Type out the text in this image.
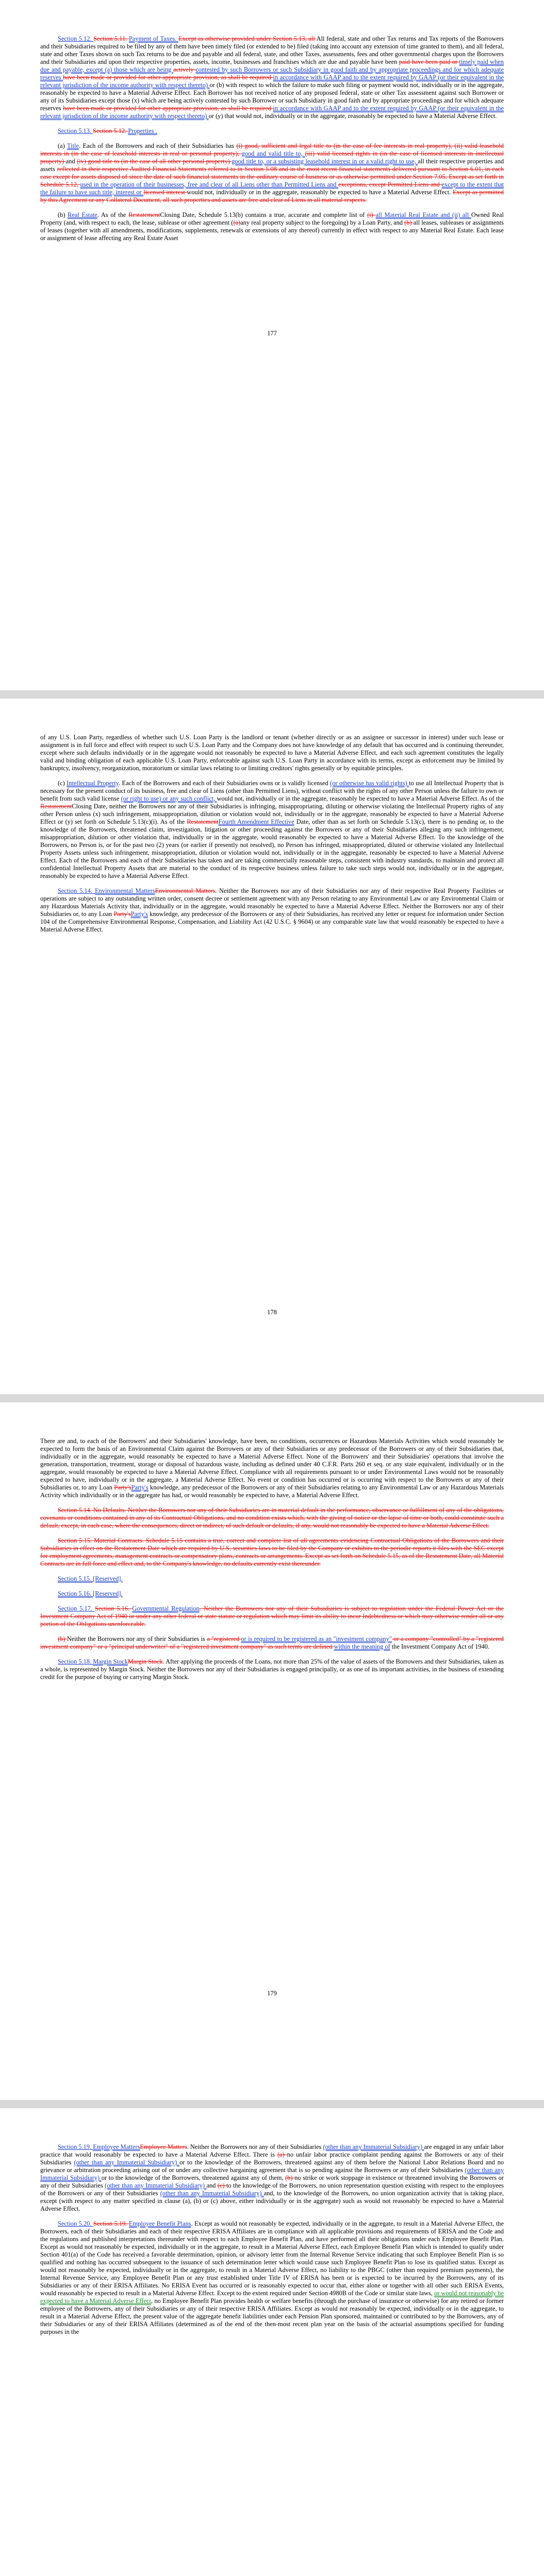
Section 5.12. Section 5.11. Payment of Taxes. Except as otherwise provided under Section 5.13, all All federal, state and other Tax returns and Tax reports of the Borrowers and their Subsidiaries required to be filed by any of them have been timely filed (or extended to be) filed (taking into account any extension of time granted to them), and all federal, state and other Taxes shown on such Tax returns to be due and payable and all federal, state, and other Taxes, assessments, fees and other governmental charges upon the Borrowers and their Subsidiaries and upon their respective properties, assets, income, businesses and franchises which are due and payable have been paid have been paid or timely paid when due and payable, except (a) those which are being actively contested by such Borrowers or such Subsidiary in good faith and by appropriate proceedings and for which adequate reserves have been made or provided for other appropriate provision, as shall be required in accordance with GAAP and to the extent required by GAAP (or their equivalent in the relevant jurisdiction of the income authority with respect thereto) or (b) with respect to which the failure to make such filing or payment would not, individually or in the aggregate, reasonably be expected to have a Material Adverse Effect. Each Borrower has not received notice of any proposed federal, state or other Tax assessment against such Borrower or any of its Subsidiaries except those (x) which are being actively contested by such Borrower or such Subsidiary in good faith and by appropriate proceedings and for which adequate reserves have been made or provided for other appropriate provision, as shall be required in accordance with GAAP and to the extent required by GAAP (or their equivalent in the relevant jurisdiction of the income authority with respect thereto) or (y) that would not, individually or in the aggregate, reasonably be expected to have a Material Adverse Effect.

Section 5.13. Section 5.12. Properties .

(a) Title. Each of the Borrowers and each of their Subsidiaries has (i) good, sufficient and legal title to (in the case of fee interests in real property), (ii) valid leasehold interests in (in the case of leasehold interests in real or personal property), good and valid title to, (iii) valid licensed rights in (in the case of licensed interests in intellectual property) and (iv) good title to (in the case of all other personal property) good title to, or a subsisting leasehold interest in or a valid right to use, all their respective properties and assets reflected in their respective Audited Financial Statements referred to in Section 5.08 and in the most recent financial statements delivered pursuant to Section 6.01, in each case except for assets disposed of since the date of such financial statements in the ordinary course of business or as otherwise permitted under Section 7.05. Except as set forth in Schedule 5.12, used in the operation of their businesses, free and clear of all Liens other than Permitted Liens and exceptions, except Permitted Liens and except to the extent that the failure to have such title, interest or licensed interest would not, individually or in the aggregate, reasonably be expected to have a Material Adverse Effect. Except as permitted by this Agreement or any Collateral Document, all such properties and assets are free and clear of Liens in all material respects.

(b) Real Estate. As of the RestatementClosing Date, Schedule 5.13(b) contains a true, accurate and complete list of (i) all Material Real Estate and (ii) all Owned Real Property (and, with respect to each, the lease, sublease or other agreement ((a)any real property subject to the foregoing) by a Loan Party, and (b) all leases, subleases or assignments of leases (together with all amendments, modifications, supplements, renewals or extensions of any thereof) currently in effect with respect to any Material Real Estate. Each lease or assignment of lease affecting any Real Estate Asset

177

of any U.S. Loan Party, regardless of whether such U.S. Loan Party is the landlord or tenant (whether directly or as an assignee or successor in interest) under such lease or assignment is in full force and effect with respect to such U.S. Loan Party and the Company does not have knowledge of any default that has occurred and is continuing thereunder, except where such defaults individually or in the aggregate would not reasonably be expected to have a Material Adverse Effect, and each such agreement constitutes the legally valid and binding obligation of each applicable U.S. Loan Party, enforceable against such U.S. Loan Party in accordance with its terms, except as enforcement may be limited by bankruptcy, insolvency, reorganization, moratorium or similar laws relating to or limiting creditors' rights generally or by equitable principles.

(c) Intellectual Property. Each of the Borrowers and each of their Subsidiaries owns or is validly licensed (or otherwise has valid rights) to use all Intellectual Property that is necessary for the present conduct of its business, free and clear of Liens (other than Permitted Liens), without conflict with the rights of any other Person unless the failure to own or benefit from such valid license (or right to use) or any such conflict, would not, individually or in the aggregate, reasonably be expected to have a Material Adverse Effect. As of the RestatementClosing Date, neither the Borrowers nor any of their Subsidiaries is infringing, misappropriating, diluting or otherwise violating the Intellectual Property rights of any other Person unless (x) such infringement, misappropriation, dilution or violation would not, individually or in the aggregate, reasonably be expected to have a Material Adverse Effect or (y) set forth on Schedule 5.13(c)(i). As of the RestatementFourth Amendment Effective Date, other than as set forth on Schedule 5.13(c), there is no pending or, to the knowledge of the Borrowers, threatened claim, investigation, litigation or other proceeding against the Borrowers or any of their Subsidiaries alleging any such infringement, misappropriation, dilution or other violation that, individually or in the aggregate, would reasonably be expected to have a Material Adverse Effect. To the knowledge of the Borrowers, no Person is, or for the past two (2) years (or earlier if presently not resolved), no Person has infringed, misappropriated, diluted or otherwise violated any Intellectual Property Assets unless such infringement, misappropriation, dilution or violation would not, individually or in the aggregate, reasonably be expected to have a Material Adverse Effect. Each of the Borrowers and each of their Subsidiaries has taken and are taking commercially reasonable steps, consistent with industry standards, to maintain and protect all confidential Intellectual Property Assets that are material to the conduct of its respective business unless failure to take such steps would not, individually or in the aggregate, reasonably be expected to have a Material Adverse Effect.

Section 5.14. Environmental MattersEnvironmental Matters. Neither the Borrowers nor any of their Subsidiaries nor any of their respective Real Property Facilities or operations are subject to any outstanding written order, consent decree or settlement agreement with any Person relating to any Environmental Law or any Environmental Claim or any Hazardous Materials Activity that, individually or in the aggregate, would reasonably be expected to have a Material Adverse Effect. Neither the Borrowers nor any of their Subsidiaries or, to any Loan Party'sParty's knowledge, any predecessor of the Borrowers or any of their Subsidiaries, has received any letter or request for information under Section 104 of the Comprehensive Environmental Response, Compensation, and Liability Act (42 U.S.C. § 9604) or any comparable state law that would reasonably be expected to have a Material Adverse Effect.

178

There are and, to each of the Borrowers' and their Subsidiaries' knowledge, have been, no conditions, occurrences or Hazardous Materials Activities which would reasonably be expected to form the basis of an Environmental Claim against the Borrowers or any of their Subsidiaries or any predecessor of the Borrowers or any of their Subsidiaries that, individually or in the aggregate, would reasonably be expected to have a Material Adverse Effect. None of the Borrowers' and their Subsidiaries' operations that involve the generation, transportation, treatment, storage or disposal of hazardous waste, including as defined under 40 C.F.R. Parts 260 et seq. or any state equivalent, individually or in the aggregate, would reasonably be expected to have a Material Adverse Effect. Compliance with all requirements pursuant to or under Environmental Laws would not be reasonably expected to have, individually or in the aggregate, a Material Adverse Effect. No event or condition has occurred or is occurring with respect to the Borrowers or any of their Subsidiaries or, to any Loan Party'sParty's knowledge, any predecessor of the Borrowers or any of their Subsidiaries relating to any Environmental Law or any Hazardous Materials Activity which individually or in the aggregate has had, or would reasonably be expected to have, a Material Adverse Effect.

Section 5.14. No Defaults. Neither the Borrowers nor any of their Subsidiaries are in material default in the performance, observance or fulfillment of any of the obligations, covenants or conditions contained in any of its Contractual Obligations, and no condition exists which, with the giving of notice or the lapse of time or both, could constitute such a default, except, in each case, where the consequences, direct or indirect, of such default or defaults, if any, would not reasonably be expected to have a Material Adverse Effect.

Section 5.15. Material Contracts. Schedule 5.15 contains a true, correct and complete list of all agreements evidencing Contractual Obligations of the Borrowers and their Subsidiaries in effect on the Restatement Date which are required by U.S. securities laws to be filed by the Company or exhibits to the periodic reports it files with the SEC except for employment agreements, management contracts or compensatory plans, contracts or arrangements. Except as set forth on Schedule 5.15, as of the Restatement Date, all Material Contracts are in full force and effect and, to the Company's knowledge, no defaults currently exist thereunder.

Section 5.15. [Reserved].

Section 5.16. [Reserved].

Section 5.17. Section 5.16. Governmental Regulation. Neither the Borrowers nor any of their Subsidiaries is subject to regulation under the Federal Power Act or the Investment Company Act of 1940 or under any other federal or state statute or regulation which may limit its ability to incur Indebtedness or which may otherwise render all or any portion of the Obligations unenforceable.

(b) Neither the Borrowers nor any of their Subsidiaries is a "registered or is required to be registered as an "investment company" or a company "controlled" by a "registered investment company" or a "principal underwriter" of a "registered investment company" as such terms are defined within the meaning of the Investment Company Act of 1940.

Section 5.18. Margin StockMargin Stock. After applying the proceeds of the Loans, not more than 25% of the value of assets of the Borrowers and their Subsidiaries, taken as a whole, is represented by Margin Stock. Neither the Borrowers nor any of their Subsidiaries is engaged principally, or as one of its important activities, in the business of extending credit for the purpose of buying or carrying Margin Stock.

179

Section 5.19. Employee MattersEmployee Matters. Neither the Borrowers nor any of their Subsidiaries (other than any Immaterial Subsidiary) are engaged in any unfair labor practice that would reasonably be expected to have a Material Adverse Effect. There is (a) no unfair labor practice complaint pending against the Borrowers or any of their Subsidiaries (other than any Immaterial Subsidiary) or to the knowledge of the Borrowers, threatened against any of them before the National Labor Relations Board and no grievance or arbitration proceeding arising out of or under any collective bargaining agreement that is so pending against the Borrowers or any of their Subsidiaries (other than any Immaterial Subsidiary) or to the knowledge of the Borrowers, threatened against any of them, (b) no strike or work stoppage in existence or threatened involving the Borrowers or any of their Subsidiaries (other than any Immaterial Subsidiary) and (c) to the knowledge of the Borrowers, no union representation question existing with respect to the employees of the Borrowers or any of their Subsidiaries (other than any Immaterial Subsidiary) and, to the knowledge of the Borrowers, no union organization activity that is taking place, except (with respect to any matter specified in clause (a), (b) or (c) above, either individually or in the aggregate) such as would not reasonably be expected to have a Material Adverse Effect.

Section 5.20. Section 5.19. Employee Benefit Plans. Except as would not reasonably be expected, individually or in the aggregate, to result in a Material Adverse Effect, the Borrowers, each of their Subsidiaries and each of their respective ERISA Affiliates are in compliance with all applicable provisions and requirements of ERISA and the Code and the regulations and published interpretations thereunder with respect to each Employee Benefit Plan, and have performed all their obligations under each Employee Benefit Plan. Except as would not reasonably be expected, individually or in the aggregate, to result in a Material Adverse Effect, each Employee Benefit Plan which is intended to qualify under Section 401(a) of the Code has received a favorable determination, opinion, or advisory letter from the Internal Revenue Service indicating that such Employee Benefit Plan is so qualified and nothing has occurred subsequent to the issuance of such determination letter which would cause such Employee Benefit Plan to lose its qualified status. Except as would not reasonably be expected, individually or in the aggregate, to result in a Material Adverse Effect, no liability to the PBGC (other than required premium payments), the Internal Revenue Service, any Employee Benefit Plan or any trust established under Title IV of ERISA has been or is expected to be incurred by the Borrowers, any of its Subsidiaries or any of their ERISA Affiliates. No ERISA Event has occurred or is reasonably expected to occur that, either alone or together with all other such ERISA Events, would reasonably be expected to result in a Material Adverse Effect. Except to the extent required under Section 4980B of the Code or similar state laws, or would not reasonably be expected to have a Material Adverse Effect, no Employee Benefit Plan provides health or welfare benefits (through the purchase of insurance or otherwise) for any retired or former employee of the Borrowers, any of their Subsidiaries or any of their respective ERISA Affiliates. Except as would not reasonably be expected, individually or in the aggregate, to result in a Material Adverse Effect, the present value of the aggregate benefit liabilities under each Pension Plan sponsored, maintained or contributed to by the Borrowers, any of their Subsidiaries or any of their ERISA Affiliates (determined as of the end of the then-most recent plan year on the basis of the actuarial assumptions specified for funding purposes in the
